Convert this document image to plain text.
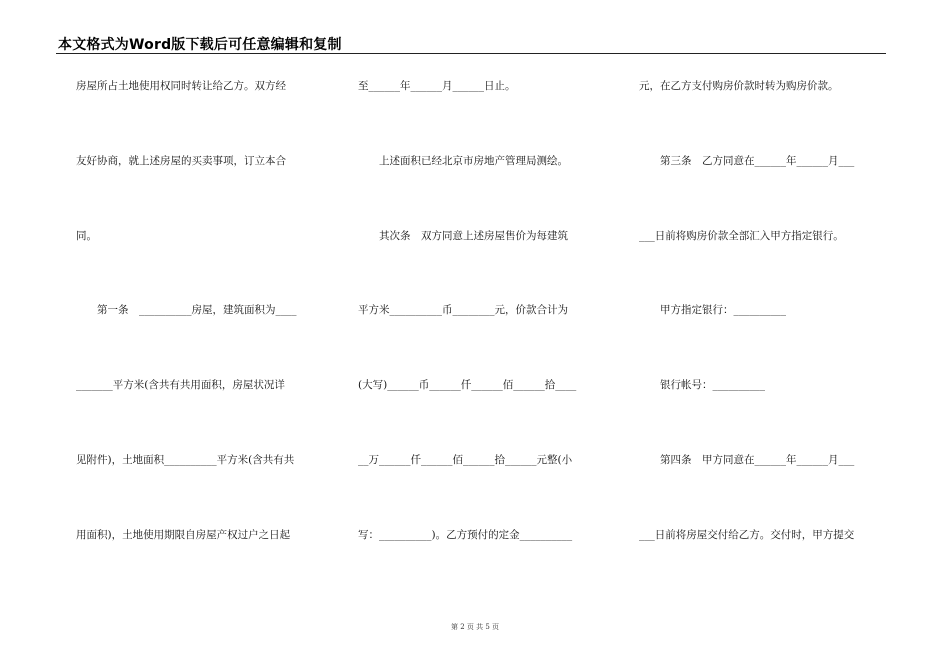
本文格式为Word版下载后可任意编辑和复制
房屋所占土地使用权同时转让给乙方。双方经
友好协商，就上述房屋的买卖事项，订立本合
同。
　　第一条　__________房屋，建筑面积为____
_______平方米(含共有共用面积，房屋状况详
见附件)，土地面积__________平方米(含共有共
用面积)，土地使用期限自房屋产权过户之日起
至______年______月______日止。
　　上述面积已经北京市房地产管理局测绘。
　　其次条　双方同意上述房屋售价为每建筑
平方米__________币________元，价款合计为
(大写)______币______仟______佰______拾____
__万______仟______佰______拾______元整(小
写：__________)。乙方预付的定金__________
元，在乙方支付购房价款时转为购房价款。
　　第三条　乙方同意在______年______月___
___日前将购房价款全部汇入甲方指定银行。
　　甲方指定银行：__________
　　银行帐号：__________
　　第四条　甲方同意在______年______月___
___日前将房屋交付给乙方。交付时，甲方提交
第 2 页 共 5 页
